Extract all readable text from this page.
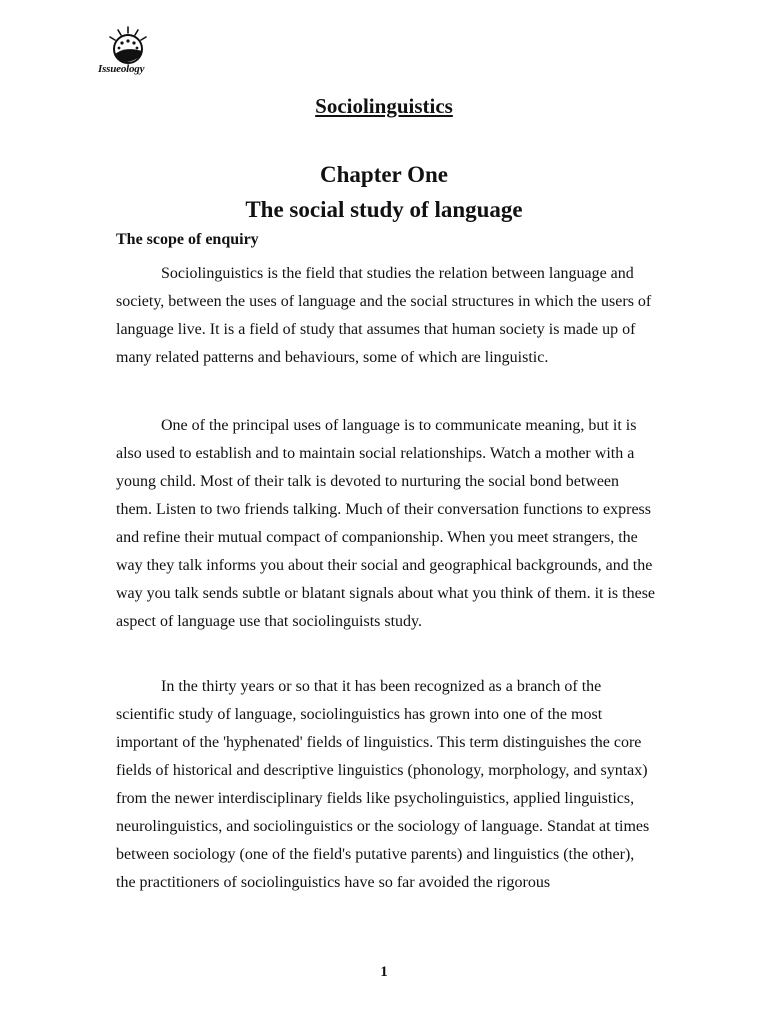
Issueology
Sociolinguistics
Chapter One
The social study of language
The scope of enquiry

Sociolinguistics is the field that studies the relation between language and society, between the uses of language and the social structures in which the users of language live. It is a field of study that assumes that human society is made up of many related patterns and behaviours, some of which are linguistic.

One of the principal uses of language is to communicate meaning, but it is also used to establish and to maintain social relationships. Watch a mother with a young child. Most of their talk is devoted to nurturing the social bond between them. Listen to two friends talking. Much of their conversation functions to express and refine their mutual compact of companionship. When you meet strangers, the way they talk informs you about their social and geographical backgrounds, and the way you talk sends subtle or blatant signals about what you think of them. it is these aspect of language use that sociolinguists study.

In the thirty years or so that it has been recognized as a branch of the scientific study of language, sociolinguistics has grown into one of the most important of the 'hyphenated' fields of linguistics. This term distinguishes the core fields of historical and descriptive linguistics (phonology, morphology, and syntax) from the newer interdisciplinary fields like psycholinguistics, applied linguistics, neurolinguistics, and sociolinguistics or the sociology of language. Standat at times between sociology (one of the field's putative parents) and linguistics (the other), the practitioners of sociolinguistics have so far avoided the rigorous

1
